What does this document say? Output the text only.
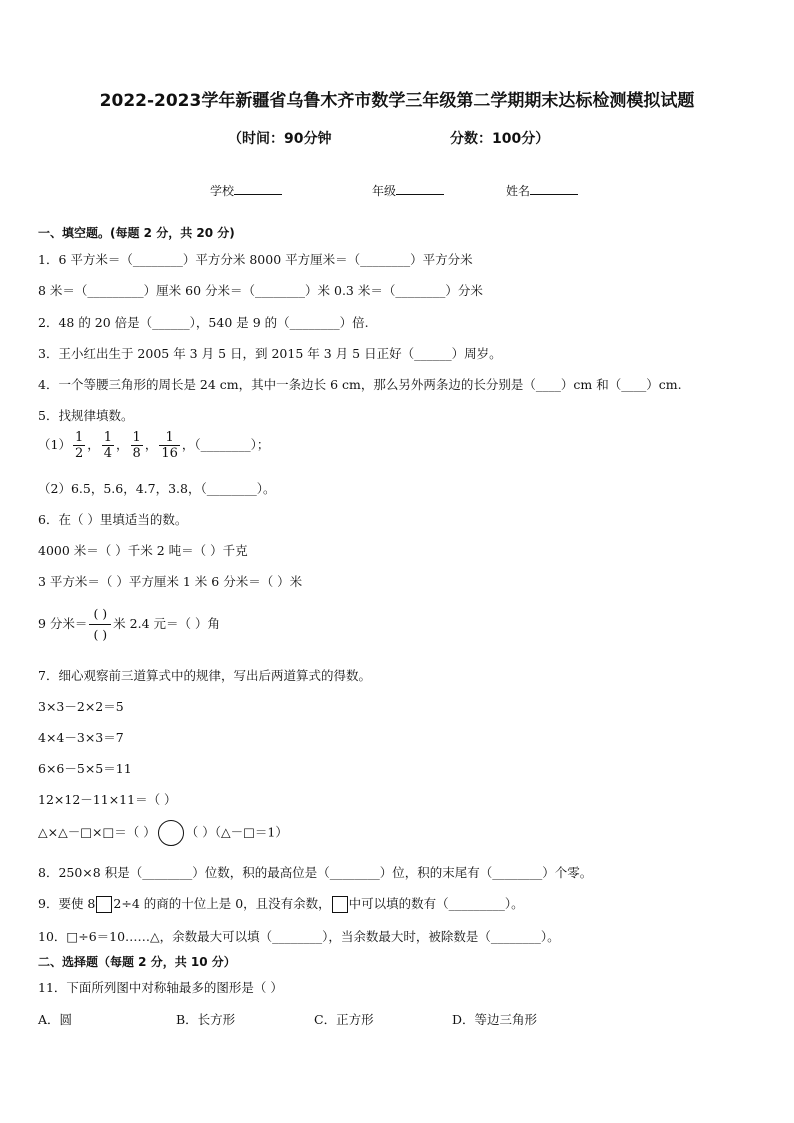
2022-2023学年新疆省乌鲁木齐市数学三年级第二学期期末达标检测模拟试题
（时间：90分钟	分数：100分）
学校	年级	姓名
一、填空题。(每题 2 分，共 20 分)
1．6 平方米＝（________）平方分米 8000 平方厘米＝（________）平方分米
8 米＝（_________）厘米 60 分米＝（________）米 0.3 米＝（________）分米
2．48 的 20 倍是（______），540 是 9 的（________）倍.
3．王小红出生于 2005 年 3 月 5 日，到 2015 年 3 月 5 日正好（______）周岁。
4．一个等腰三角形的周长是 24 cm，其中一条边长 6 cm，那么另外两条边的长分别是（____）cm 和（____）cm.
5．找规律填数。
$(1) \frac{1}{2}$ ， $\frac{1}{4}$ ， $\frac{1}{8}$ ， $\frac{1}{16}$ ，（________）；
（2）6.5，5.6，4.7，3.8，（________）。
6．在（ ）里填适当的数。
4000 米＝（ ）千米 2 吨＝（ ）千克
3 平方米＝（ ）平方厘米 1 米 6 分米＝（ ）米
9 分米＝
( )
( )
米 2.4 元＝（ ）角
7．细心观察前三道算式中的规律，写出后两道算式的得数。
3×3－2×2＝5
4×4－3×3＝7
6×6－5×5＝11
12×12－11×11＝（ ）
△×△－□×□＝（ ） （ ）（△－□＝1）
8．250×8 积是（________）位数，积的最高位是（________）位，积的末尾有（________）个零。
9．要使 8 2÷4 的商的十位上是 0，且没有余数， 中可以填的数有（_________）。
10．□÷6＝10……△，余数最大可以填（________），当余数最大时，被除数是（________）。
二、选择题（每题 2 分，共 10 分）
11．下面所列图中对称轴最多的图形是（ ）
A．圆	B．长方形	C．正方形	D．等边三角形
